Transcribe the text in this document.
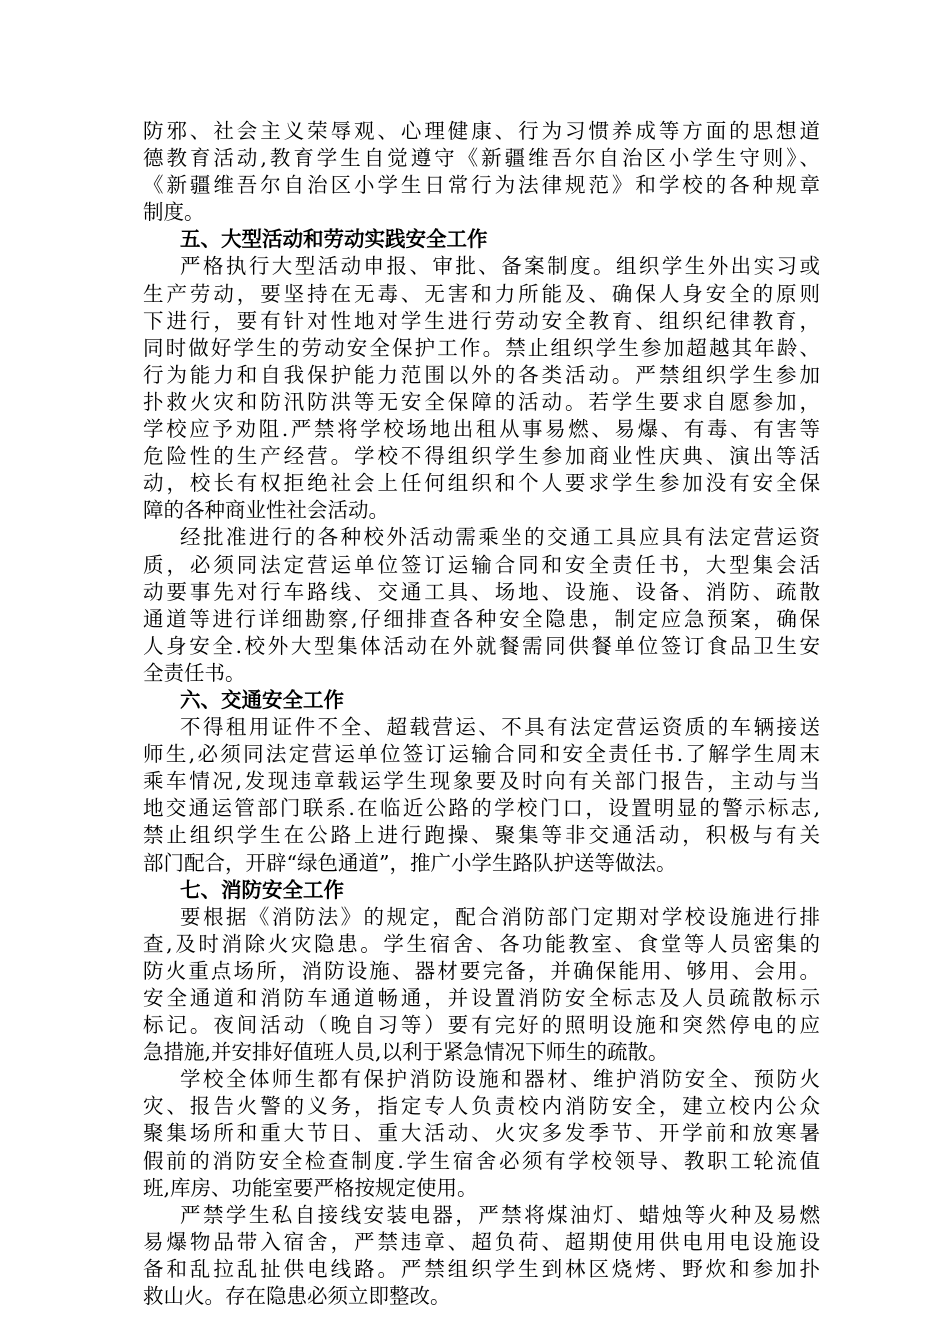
防邪、社会主义荣辱观、心理健康、行为习惯养成等方面的思想道
德教育活动,教育学生自觉遵守《新疆维吾尔自治区小学生守则》、
《新疆维吾尔自治区小学生日常行为法律规范》和学校的各种规章
制度。
五、大型活动和劳动实践安全工作
严格执行大型活动申报、审批、备案制度。组织学生外出实习或
生产劳动，要坚持在无毒、无害和力所能及、确保人身安全的原则
下进行，要有针对性地对学生进行劳动安全教育、组织纪律教育，
同时做好学生的劳动安全保护工作。禁止组织学生参加超越其年龄、
行为能力和自我保护能力范围以外的各类活动。严禁组织学生参加
扑救火灾和防汛防洪等无安全保障的活动。若学生要求自愿参加，
学校应予劝阻.严禁将学校场地出租从事易燃、易爆、有毒、有害等
危险性的生产经营。学校不得组织学生参加商业性庆典、演出等活
动，校长有权拒绝社会上任何组织和个人要求学生参加没有安全保
障的各种商业性社会活动。
经批准进行的各种校外活动需乘坐的交通工具应具有法定营运资
质，必须同法定营运单位签订运输合同和安全责任书，大型集会活
动要事先对行车路线、交通工具、场地、设施、设备、消防、疏散
通道等进行详细勘察,仔细排查各种安全隐患，制定应急预案，确保
人身安全.校外大型集体活动在外就餐需同供餐单位签订食品卫生安
全责任书。
六、交通安全工作
不得租用证件不全、超载营运、不具有法定营运资质的车辆接送
师生,必须同法定营运单位签订运输合同和安全责任书.了解学生周末
乘车情况,发现违章载运学生现象要及时向有关部门报告，主动与当
地交通运管部门联系.在临近公路的学校门口，设置明显的警示标志,
禁止组织学生在公路上进行跑操、聚集等非交通活动，积极与有关
部门配合，开辟“绿色通道”，推广小学生路队护送等做法。
七、消防安全工作
要根据《消防法》的规定，配合消防部门定期对学校设施进行排
查,及时消除火灾隐患。学生宿舍、各功能教室、食堂等人员密集的
防火重点场所，消防设施、器材要完备，并确保能用、够用、会用。
安全通道和消防车通道畅通，并设置消防安全标志及人员疏散标示
标记。夜间活动（晚自习等）要有完好的照明设施和突然停电的应
急措施,并安排好值班人员,以利于紧急情况下师生的疏散。
学校全体师生都有保护消防设施和器材、维护消防安全、预防火
灾、报告火警的义务，指定专人负责校内消防安全，建立校内公众
聚集场所和重大节日、重大活动、火灾多发季节、开学前和放寒暑
假前的消防安全检查制度.学生宿舍必须有学校领导、教职工轮流值
班,库房、功能室要严格按规定使用。
严禁学生私自接线安装电器，严禁将煤油灯、蜡烛等火种及易燃
易爆物品带入宿舍，严禁违章、超负荷、超期使用供电用电设施设
备和乱拉乱扯供电线路。严禁组织学生到林区烧烤、野炊和参加扑
救山火。存在隐患必须立即整改。
